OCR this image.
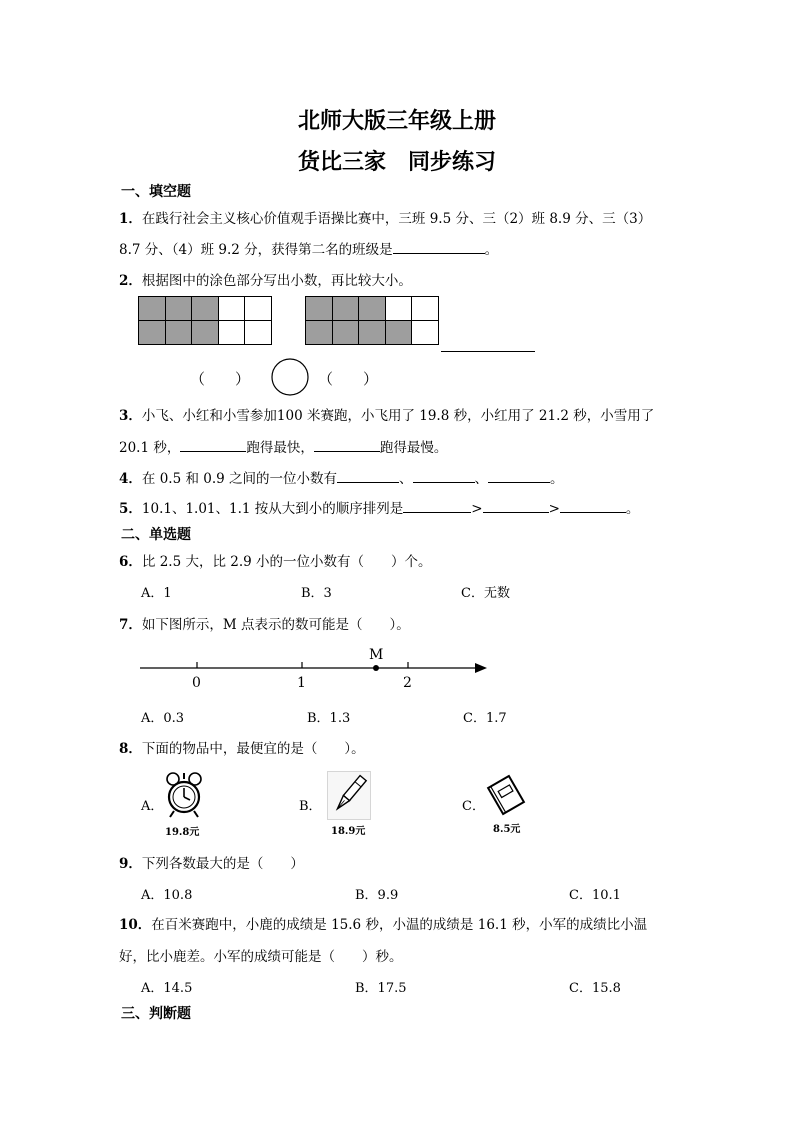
北师大版三年级上册
货比三家　同步练习
一、填空题
1．在践行社会主义核心价值观手语操比赛中，三班 9.5 分、三（2）班 8.9 分、三（3）
8.7 分、（4）班 9.2 分，获得第二名的班级是	。
2．根据图中的涂色部分写出小数，再比较大小。

（　　）	（　　）
3．小飞、小红和小雪参加100 米赛跑，小飞用了 19.8 秒，小红用了 21.2 秒，小雪用了
20.1 秒，	跑得最快，	跑得最慢。
4．在 0.5 和 0.9 之间的一位小数有	、	、	。
5．10.1、1.01、1.1 按从大到小的顺序排列是	>	>	。
二、单选题
6．比 2.5 大，比 2.9 小的一位小数有（　　）个。
A．1	B．3	C．无数
7．如下图所示，M 点表示的数可能是（　　）。
M
0	1	2
A．0.3	B．1.3	C．1.7
8．下面的物品中，最便宜的是（　　）。
A．
19.8元
B．
18.9元
C．
8.5元
9．下列各数最大的是（　　）
A．10.8	B．9.9	C．10.1
10．在百米赛跑中，小鹿的成绩是 15.6 秒，小温的成绩是 16.1 秒，小军的成绩比小温
好，比小鹿差。小军的成绩可能是（　　）秒。
A．14.5	B．17.5	C．15.8
三、判断题
